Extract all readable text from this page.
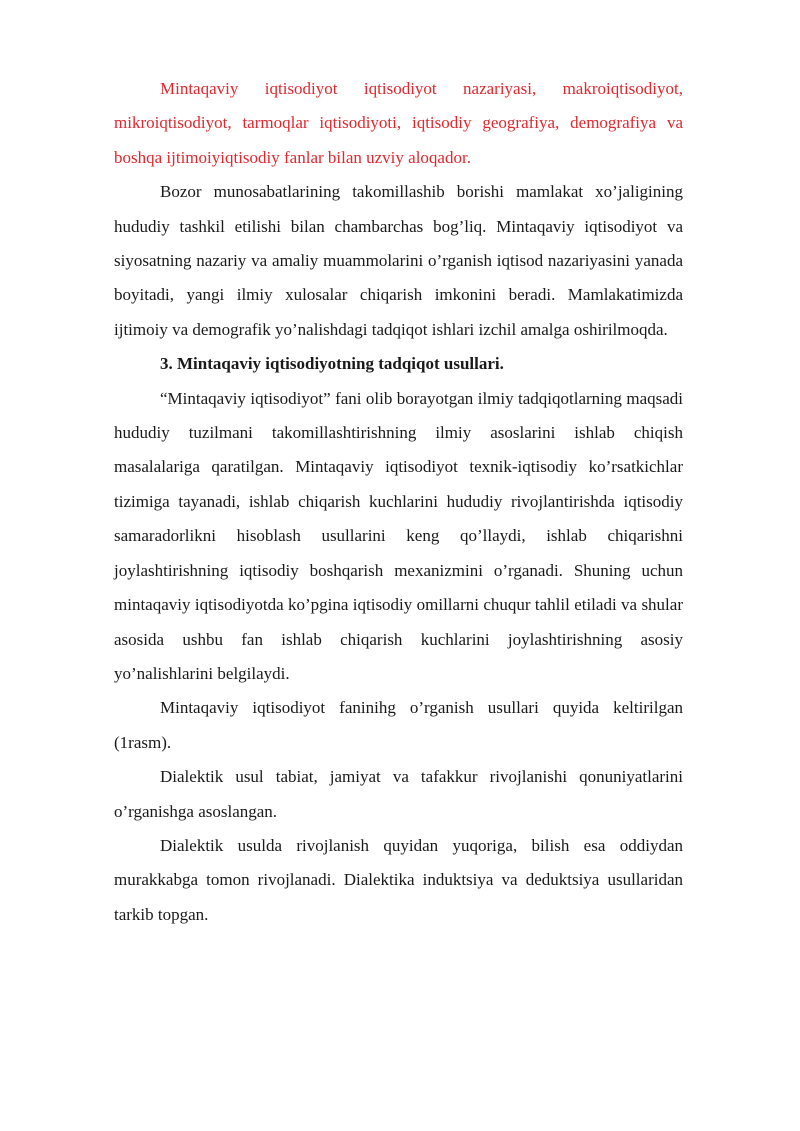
Mintaqaviy iqtisodiyot iqtisodiyot nazariyasi, makroiqtisodiyot, mikroiqtisodiyot, tarmoqlar iqtisodiyoti, iqtisodiy geografiya, demografiya va boshqa ijtimoiyiqtisodiy fanlar bilan uzviy aloqador.

Bozor munosabatlarining takomillashib borishi mamlakat xo’jaligining hududiy tashkil etilishi bilan chambarchas bog’liq. Mintaqaviy iqtisodiyot va siyosatning nazariy va amaliy muammolarini o’rganish iqtisod nazariyasini yanada boyitadi, yangi ilmiy xulosalar chiqarish imkonini beradi. Mamlakatimizda ijtimoiy va demografik yo’nalishdagi tadqiqot ishlari izchil amalga oshirilmoqda.

3. Mintaqaviy iqtisodiyotning tadqiqot usullari.

“Mintaqaviy iqtisodiyot” fani olib borayotgan ilmiy tadqiqotlarning maqsadi hududiy tuzilmani takomillashtirishning ilmiy asoslarini ishlab chiqish masalalariga qaratilgan. Mintaqaviy iqtisodiyot texnik-iqtisodiy ko’rsatkichlar tizimiga tayanadi, ishlab chiqarish kuchlarini hududiy rivojlantirishda iqtisodiy samaradorlikni hisoblash usullarini keng qo’llaydi, ishlab chiqarishni joylashtirishning iqtisodiy boshqarish mexanizmini o’rganadi. Shuning uchun mintaqaviy iqtisodiyotda ko’pgina iqtisodiy omillarni chuqur tahlil etiladi va shular asosida ushbu fan ishlab chiqarish kuchlarini joylashtirishning asosiy yo’nalishlarini belgilaydi.

Mintaqaviy iqtisodiyot faninihg o’rganish usullari quyida keltirilgan (1rasm).

Dialektik usul tabiat, jamiyat va tafakkur rivojlanishi qonuniyatlarini o’rganishga asoslangan.

Dialektik usulda rivojlanish quyidan yuqoriga, bilish esa oddiydan murakkabga tomon rivojlanadi. Dialektika induktsiya va deduktsiya usullaridan tarkib topgan.
